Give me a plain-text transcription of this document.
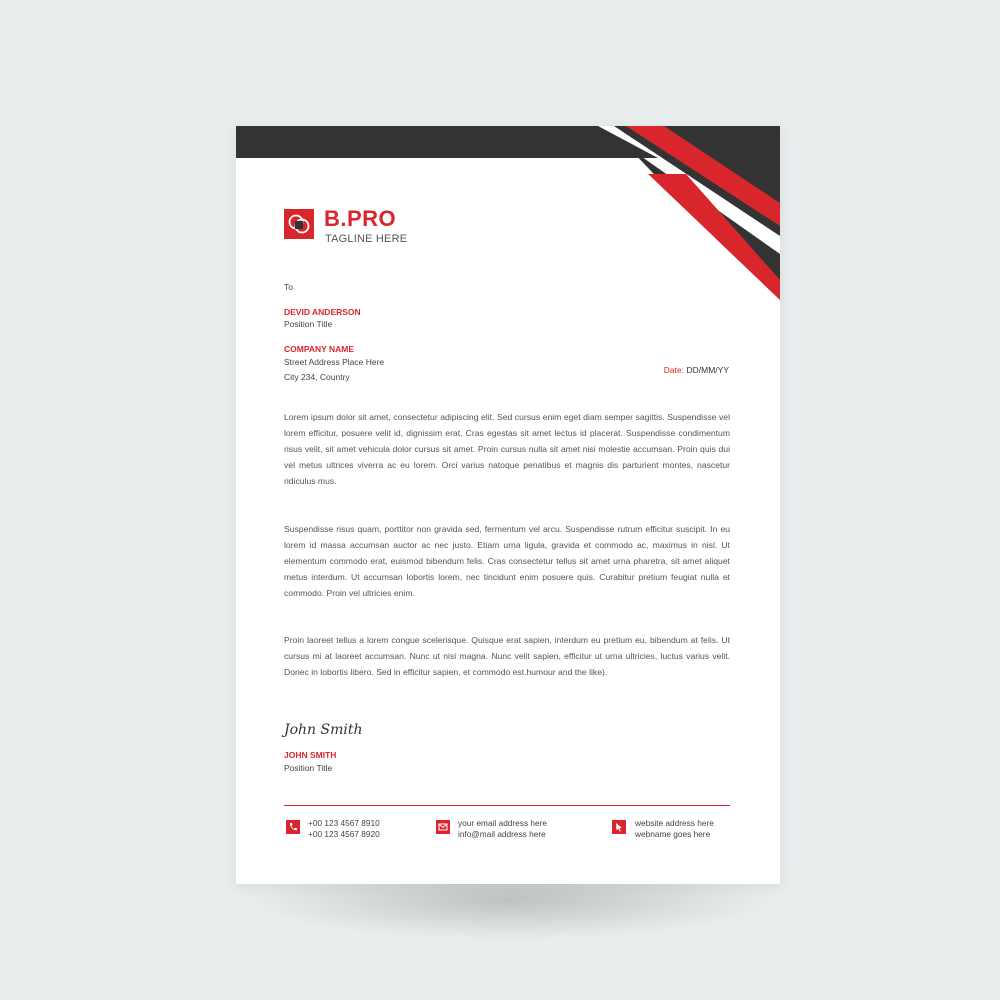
B.PRO
TAGLINE HERE
To
DEVID ANDERSON
Position Title
COMPANY NAME
Street Address Place Here
City 234, Country
Date: DD/MM/YY
Lorem ipsum dolor sit amet, consectetur adipiscing elit. Sed cursus enim eget diam semper sagittis. Suspendisse vel lorem efficitur, posuere velit id, dignissim erat. Cras egestas sit amet lectus id placerat. Suspendisse condimentum risus velit, sit amet vehicula dolor cursus sit amet. Proin cursus nulla sit amet nisi molestie accumsan. Proin quis dui vel metus ultrices viverra ac eu lorem. Orci varius natoque penatibus et magnis dis parturient montes, nascetur ridiculus mus.
Suspendisse risus quam, porttitor non gravida sed, fermentum vel arcu. Suspendisse rutrum efficitur suscipit. In eu lorem id massa accumsan auctor ac nec justo. Etiam urna ligula, gravida et commodo ac, maximus in nisl. Ut elementum commodo erat, euismod bibendum felis. Cras consectetur tellus sit amet urna pharetra, sit amet aliquet metus interdum. Ut accumsan lobortis lorem, nec tincidunt enim posuere quis. Curabitur pretium feugiat nulla et commodo. Proin vel ultricies enim.
Proin laoreet tellus a lorem congue scelerisque. Quisque erat sapien, interdum eu pretium eu, bibendum at felis. Ut cursus mi at laoreet accumsan. Nunc ut nisi magna. Nunc velit sapien, efficitur ut urna ultricies, luctus varius velit. Donec in lobortis libero. Sed in efficitur sapien, et commodo est.humour and the like).
John Smith
JOHN SMITH
Position Title
+00 123 4567 8910
+00 123 4567 8920
your email address here
info@mail address here
website address here
webname goes here
